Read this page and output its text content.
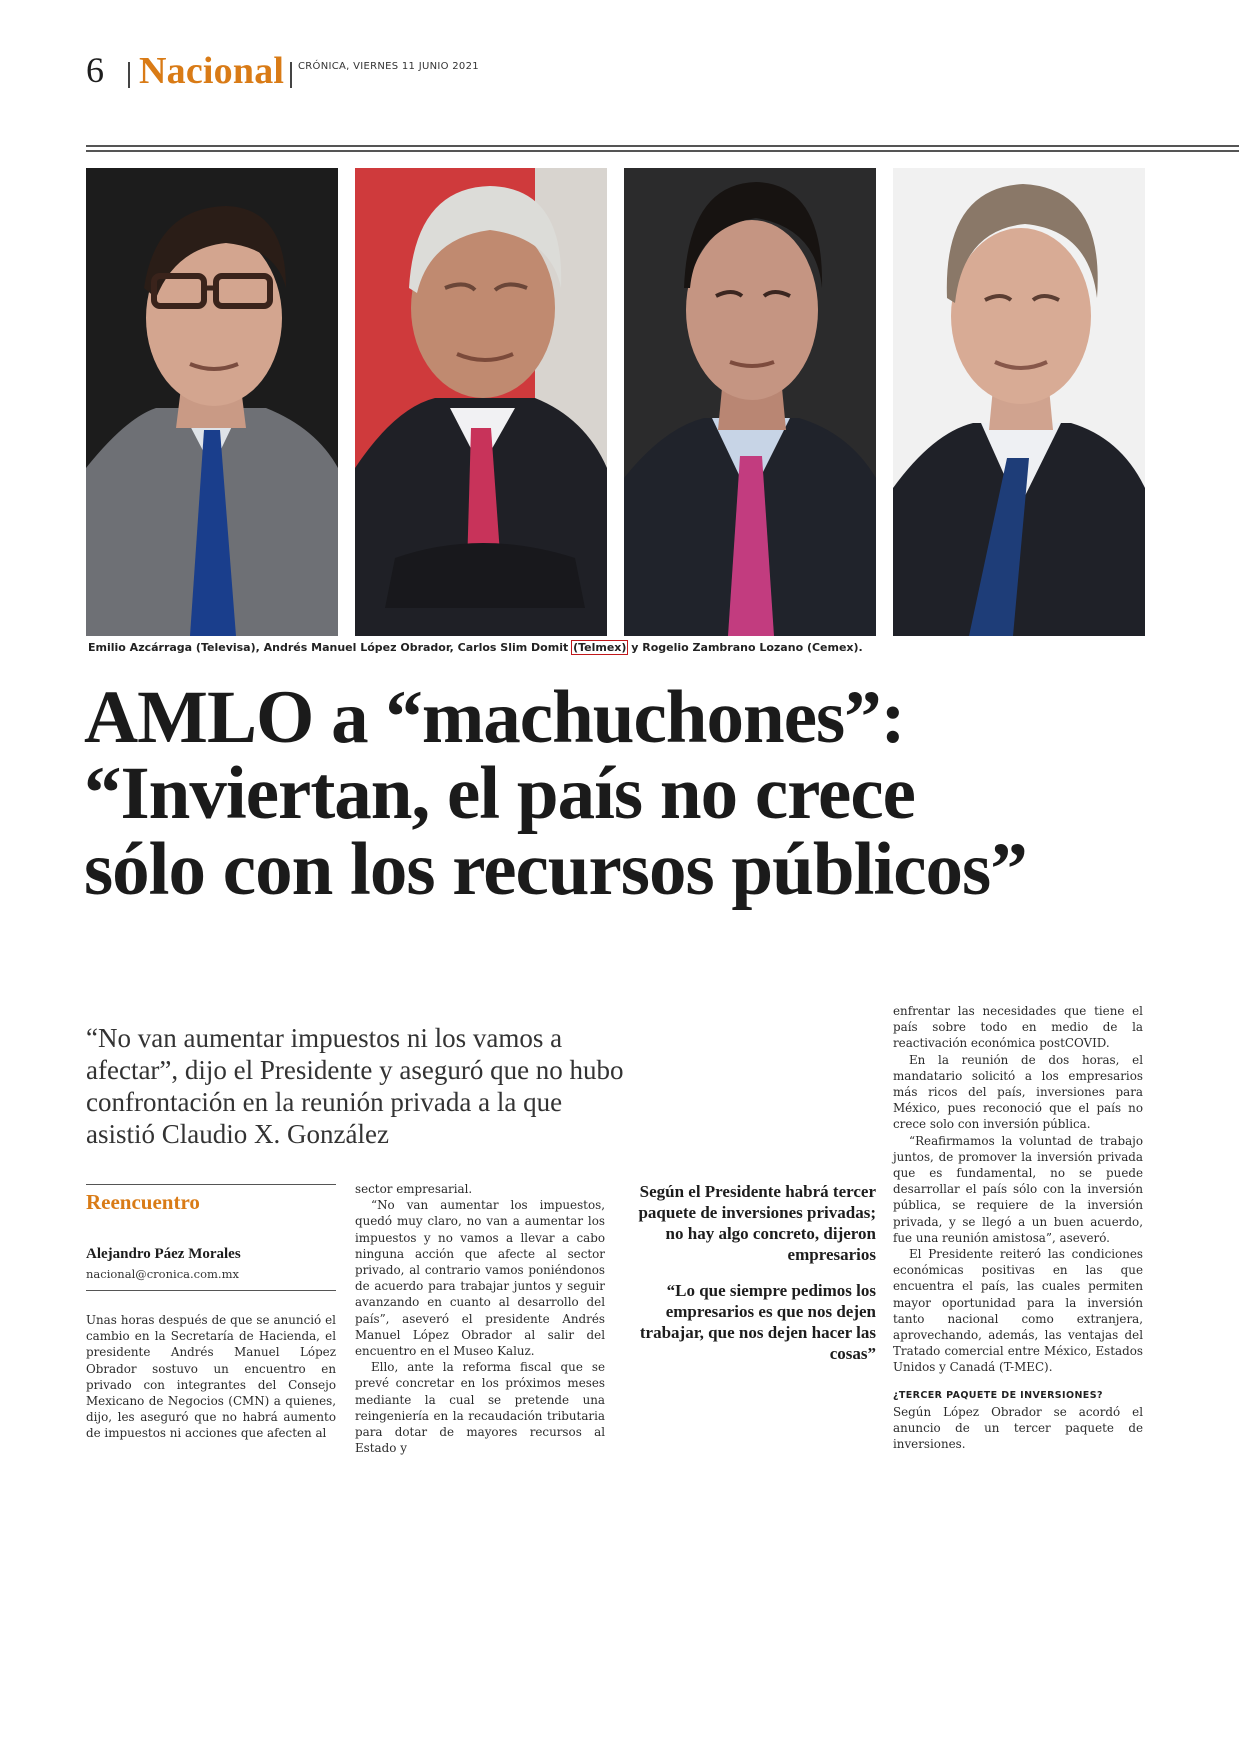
6 Nacional CRÓNICA, VIERNES 11 JUNIO 2021
Emilio Azcárraga (Televisa), Andrés Manuel López Obrador, Carlos Slim Domit (Telmex) y Rogelio Zambrano Lozano (Cemex).
AMLO a “machuchones”:
“Inviertan, el país no crece
sólo con los recursos públicos”
“No van aumentar impuestos ni los vamos a afectar”, dijo el Presidente y aseguró que no hubo confrontación en la reunión privada a la que asistió Claudio X. González
Reencuentro
Alejandro Páez Morales
nacional@cronica.com.mx

Unas horas después de que se anunció el cambio en la Secretaría de Hacienda, el presidente Andrés Manuel López Obrador sostuvo un encuentro en privado con integrantes del Consejo Mexicano de Negocios (CMN) a quienes, dijo, les aseguró que no habrá aumento de impuestos ni acciones que afecten al

sector empresarial.

“No van aumentar los impuestos, quedó muy claro, no van a aumentar los impuestos y no vamos a llevar a cabo ninguna acción que afecte al sector privado, al contrario vamos poniéndonos de acuerdo para trabajar juntos y seguir avanzando en cuanto al desarrollo del país”, aseveró el presidente Andrés Manuel López Obrador al salir del encuentro en el Museo Kaluz.

Ello, ante la reforma fiscal que se prevé concretar en los próximos meses mediante la cual se pretende una reingeniería en la recaudación tributaria para dotar de mayores recursos al Estado y

Según el Presidente habrá tercer paquete de inversiones privadas; no hay algo concreto, dijeron empresarios
“Lo que siempre pedimos los empresarios es que nos dejen trabajar, que nos dejen hacer las cosas”

enfrentar las necesidades que tiene el país sobre todo en medio de la reactivación económica postCOVID.

En la reunión de dos horas, el mandatario solicitó a los empresarios más ricos del país, inversiones para México, pues reconoció que el país no crece solo con inversión pública.

“Reafirmamos la voluntad de trabajo juntos, de promover la inversión privada que es fundamental, no se puede desarrollar el país sólo con la inversión pública, se requiere de la inversión privada, y se llegó a un buen acuerdo, fue una reunión amistosa”, aseveró.

El Presidente reiteró las condiciones económicas positivas en las que encuentra el país, las cuales permiten mayor oportunidad para la inversión tanto nacional como extranjera, aprovechando, además, las ventajas del Tratado comercial entre México, Estados Unidos y Canadá (T-MEC).

¿TERCER PAQUETE DE INVERSIONES?

Según López Obrador se acordó el anuncio de un tercer paquete de inversiones.
